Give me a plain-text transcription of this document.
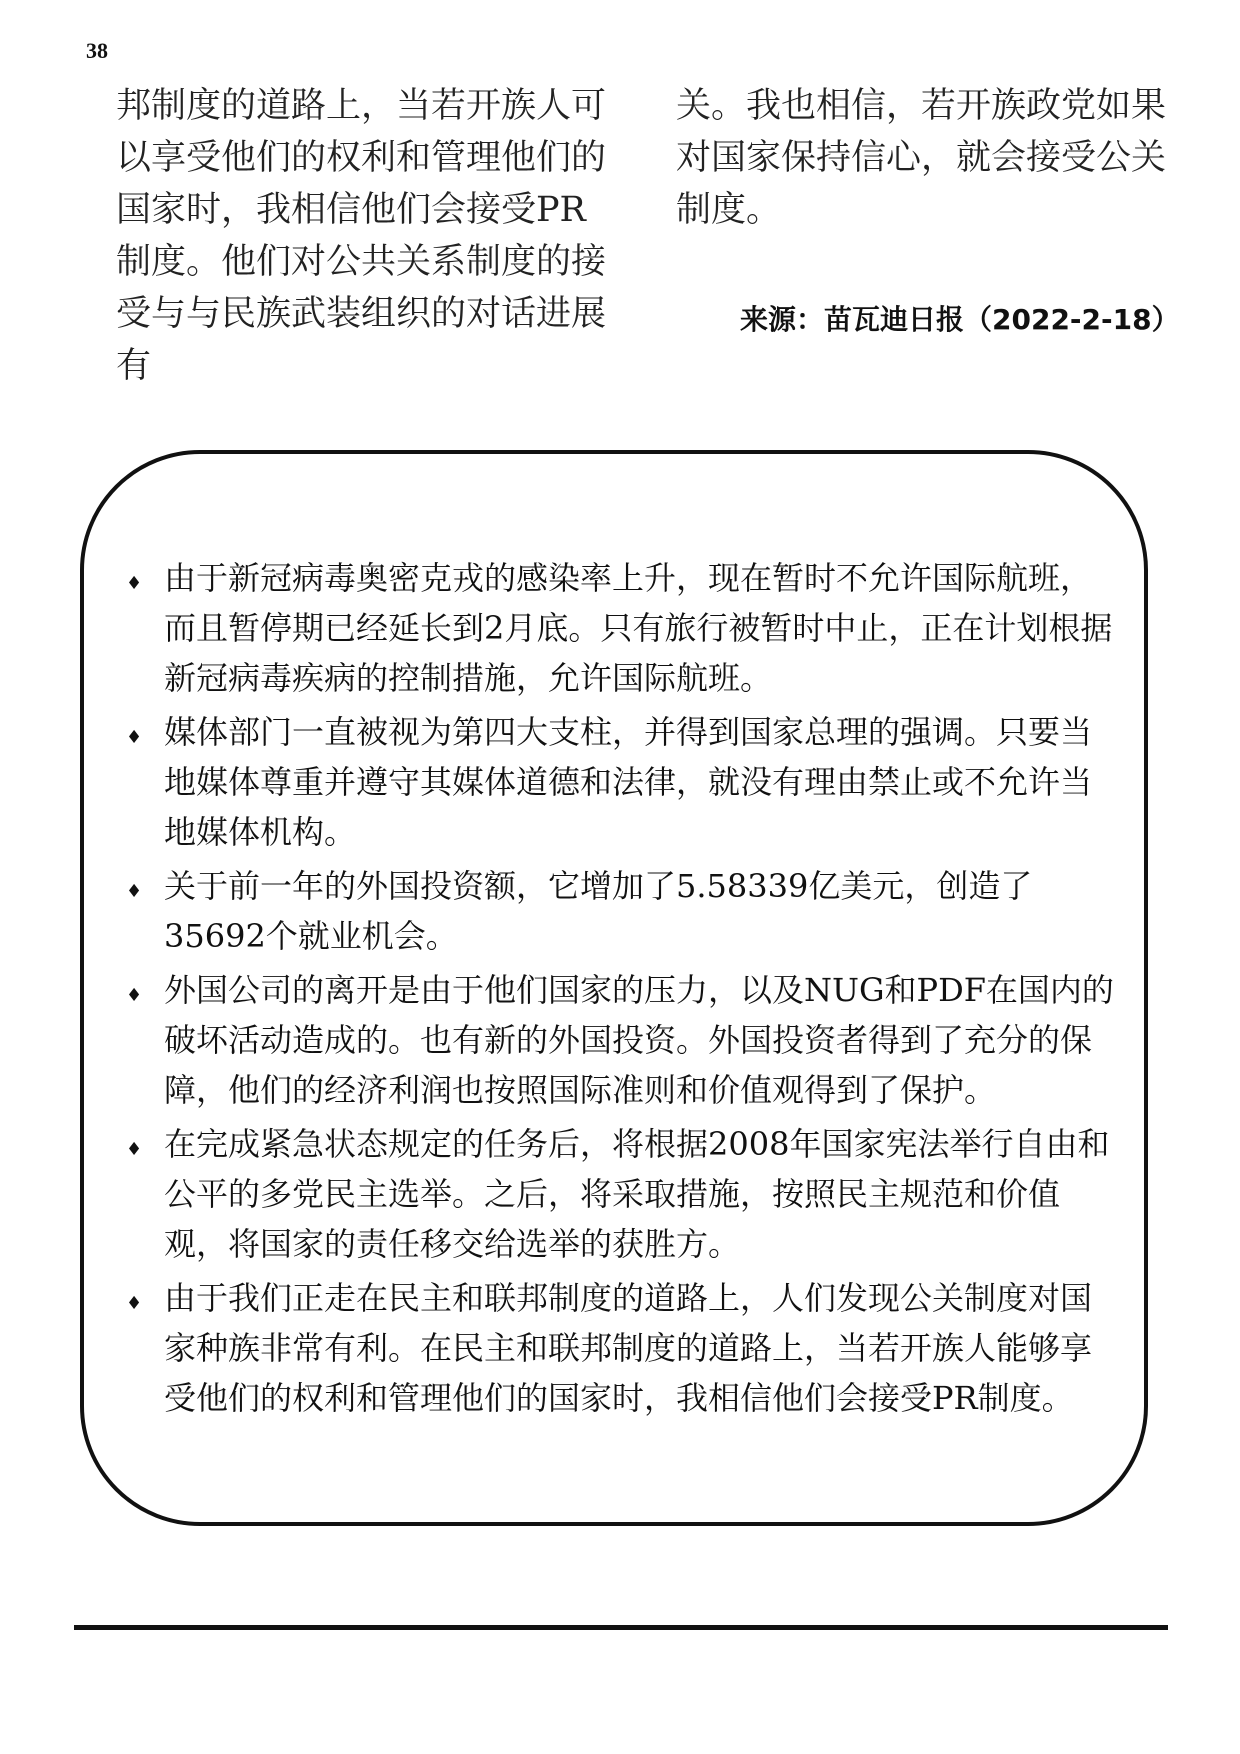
38

邦制度的道路上，当若开族人可以享受他们的权利和管理他们的国家时，我相信他们会接受PR制度。他们对公共关系制度的接受与与民族武装组织的对话进展有

关。我也相信，若开族政党如果对国家保持信心，就会接受公关制度。

来源：苗瓦迪日报（2022-2-18）
♦ 由于新冠病毒奥密克戎的感染率上升，现在暂时不允许国际航班，而且暂停期已经延长到2月底。只有旅行被暂时中止，正在计划根据新冠病毒疾病的控制措施，允许国际航班。
♦ 媒体部门一直被视为第四大支柱，并得到国家总理的强调。只要当地媒体尊重并遵守其媒体道德和法律，就没有理由禁止或不允许当地媒体机构。
♦ 关于前一年的外国投资额，它增加了5.58339亿美元，创造了35692个就业机会。
♦ 外国公司的离开是由于他们国家的压力，以及NUG和PDF在国内的破坏活动造成的。也有新的外国投资。外国投资者得到了充分的保障，他们的经济利润也按照国际准则和价值观得到了保护。
♦ 在完成紧急状态规定的任务后，将根据2008年国家宪法举行自由和公平的多党民主选举。之后，将采取措施，按照民主规范和价值观，将国家的责任移交给选举的获胜方。
♦ 由于我们正走在民主和联邦制度的道路上，人们发现公关制度对国家种族非常有利。在民主和联邦制度的道路上，当若开族人能够享受他们的权利和管理他们的国家时，我相信他们会接受PR制度。
